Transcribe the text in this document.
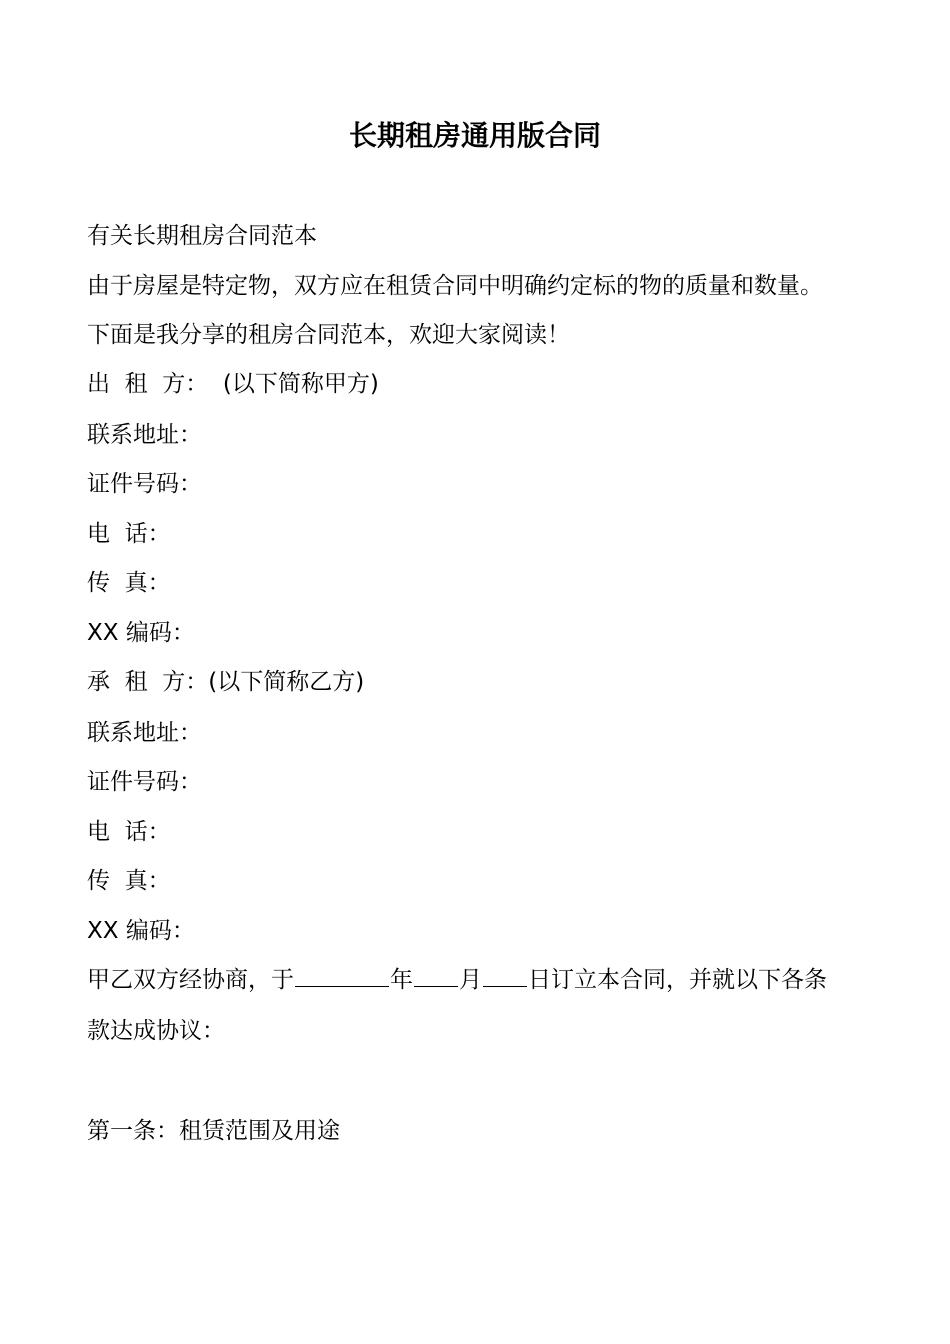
长期租房通用版合同
有关长期租房合同范本
由于房屋是特定物，双方应在租赁合同中明确约定标的物的质量和数量。
下面是我分享的租房合同范本，欢迎大家阅读！
出  租  方：  (以下简称甲方)
联系地址：
证件号码：
电  话：
传  真：
XX 编码：
承  租  方：(以下简称乙方)
联系地址：
证件号码：
电  话：
传  真：
XX 编码：
甲乙双方经协商，于	年 月 日订立本合同，并就以下各条
款达成协议：
第一条：租赁范围及用途
